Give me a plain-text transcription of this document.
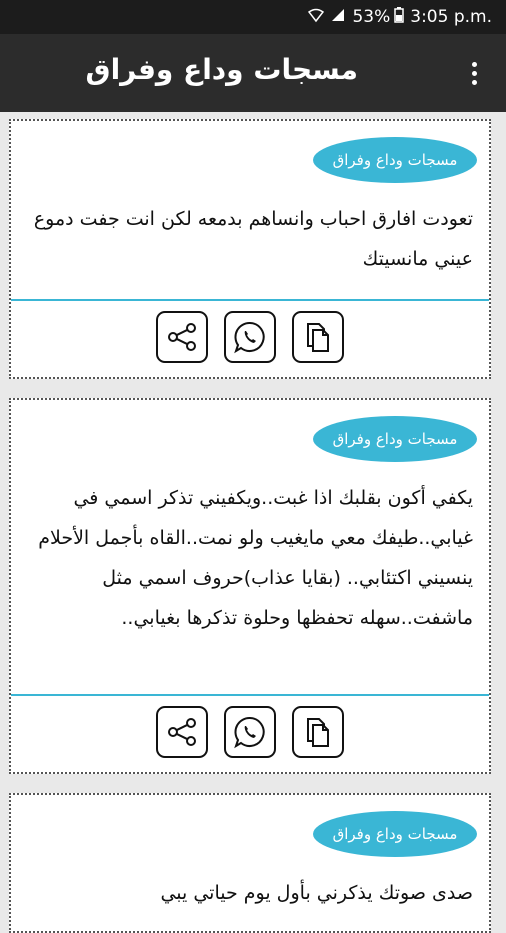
53% 3:05 p.m.
مسجات وداع وفراق
مسجات وداع وفراق
تعودت افارق احباب وانساهم بدمعه لكن انت جفت دموع عيني مانسيتك
مسجات وداع وفراق
يكفي أكون بقلبك اذا غبت..ويكفيني تذكر اسمي في غيابي..طيفك معي مايغيب ولو نمت..القاه بأجمل الأحلام ينسيني اكتئابي.. (بقايا عذاب)حروف اسمي مثل ماشفت..سهله تحفظها وحلوة تذكرها بغيابي..
مسجات وداع وفراق
صدى صوتك يذكرني بأول يوم حياتي يبي
